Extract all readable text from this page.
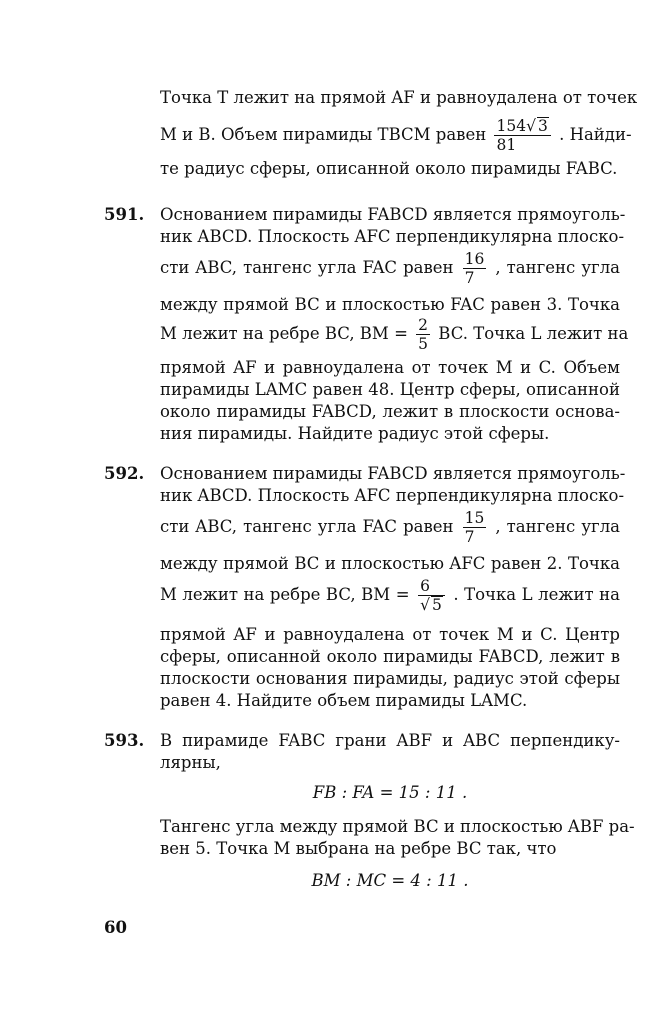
Точка T лежит на прямой AF и равноудалена от точек
M и B. Объем пирамиды TBCM равен $\frac{154√ 3}{81}$ . Найди-
те радиус сферы, описанной около пирамиды FABC.
591. Основанием пирамиды FABCD является прямоуголь-
ник ABCD. Плоскость AFC перпендикулярна плоско-
сти ABC, тангенс угла FAC равен $\frac{16}{7}$ , тангенс угла
между прямой BC и плоскостью FAC равен 3. Точка
M лежит на ребре BC, BM = $\frac{2}{5}$ BC. Точка L лежит на
прямой AF и равноудалена от точек M и C. Объем
пирамиды LAMC равен 48. Центр сферы, описанной
около пирамиды FABCD, лежит в плоскости основа-
ния пирамиды. Найдите радиус этой сферы.
592. Основанием пирамиды FABCD является прямоуголь-
ник ABCD. Плоскость AFC перпендикулярна плоско-
сти ABC, тангенс угла FAC равен $\frac{15}{7}$ , тангенс угла
между прямой BC и плоскостью AFC равен 2. Точка
M лежит на ребре BC, BM = $\frac{6}{√ 5}$ . Точка L лежит на
прямой AF и равноудалена от точек M и C. Центр
сферы, описанной около пирамиды FABCD, лежит в
плоскости основания пирамиды, радиус этой сферы
равен 4. Найдите объем пирамиды LAMC.
593. В пирамиде FABC грани ABF и ABC перпендику-
лярны,
FB : FA = 15 : 11 .
Тангенс угла между прямой BC и плоскостью ABF ра-
вен 5. Точка M выбрана на ребре BC так, что
BM : MC = 4 : 11 .
60
